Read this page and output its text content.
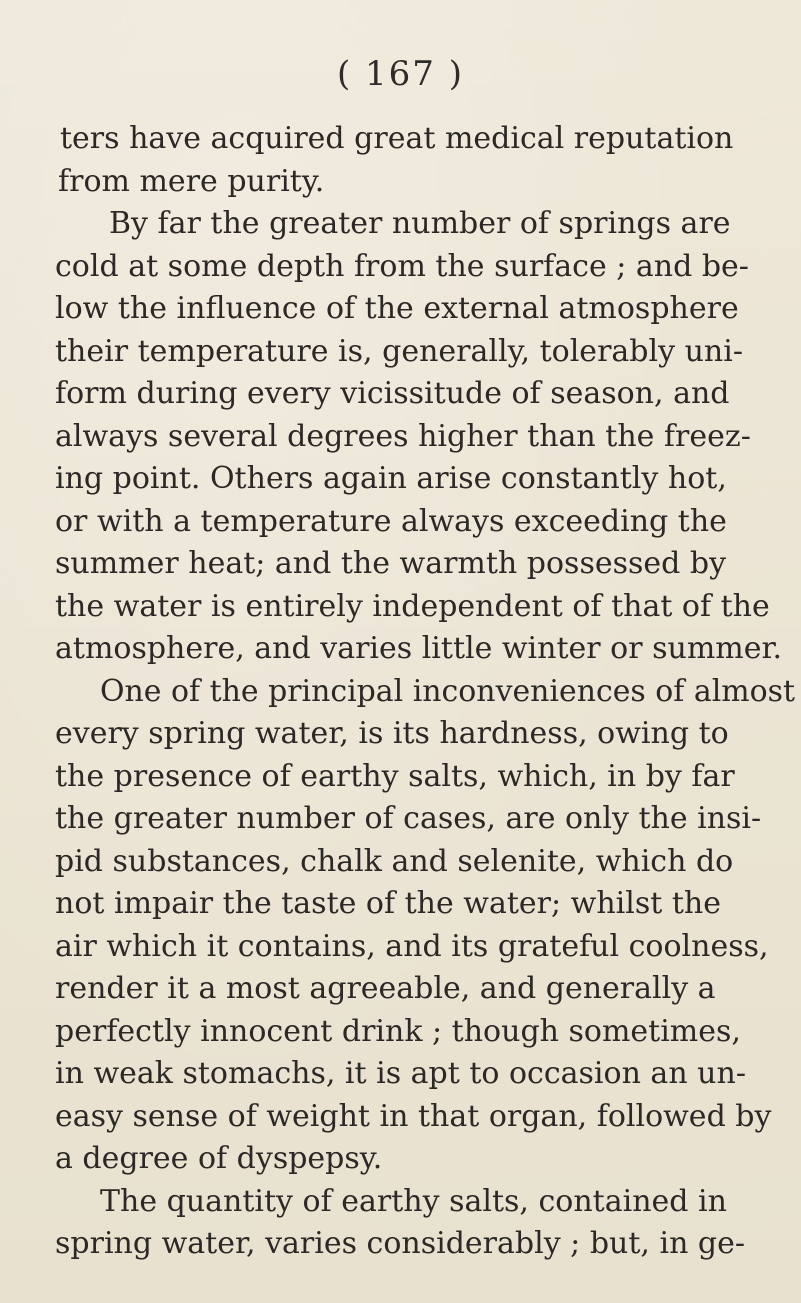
( 167 )
ters have acquired great medical reputation
from mere purity.
By far the greater number of springs are
cold at some depth from the surface ; and be-
low the influence of the external atmosphere
their temperature is, generally, tolerably uni-
form during every vicissitude of season, and
always several degrees higher than the freez-
ing point. Others again arise constantly hot,
or with a temperature always exceeding the
summer heat; and the warmth possessed by
the water is entirely independent of that of the
atmosphere, and varies little winter or summer.
One of the principal inconveniences of almost
every spring water, is its hardness, owing to
the presence of earthy salts, which, in by far
the greater number of cases, are only the insi-
pid substances, chalk and selenite, which do
not impair the taste of the water; whilst the
air which it contains, and its grateful coolness,
render it a most agreeable, and generally a
perfectly innocent drink ; though sometimes,
in weak stomachs, it is apt to occasion an un-
easy sense of weight in that organ, followed by
a degree of dyspepsy.
The quantity of earthy salts, contained in
spring water, varies considerably ; but, in ge-
